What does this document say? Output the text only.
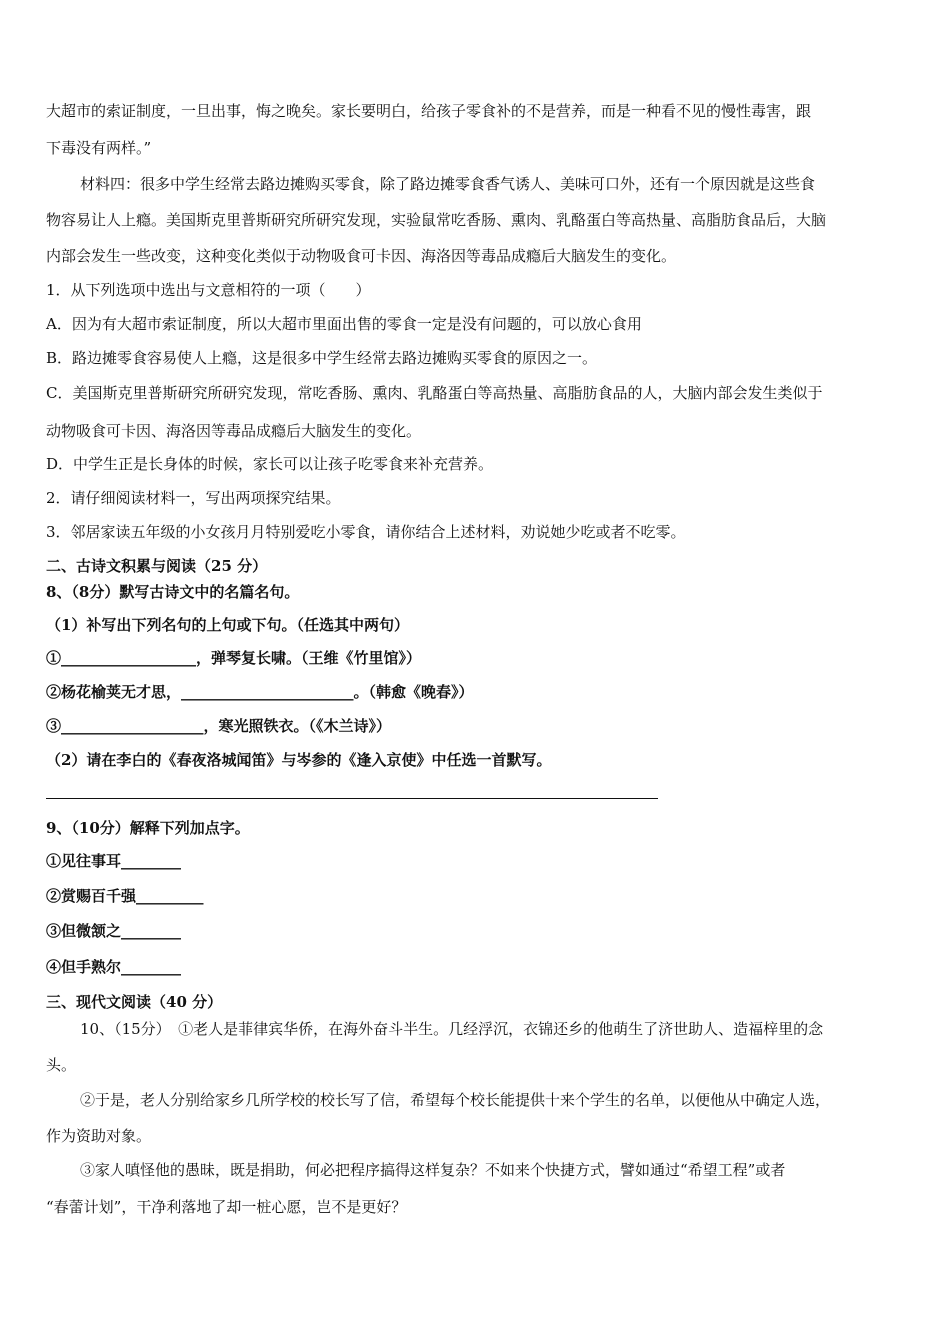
大超市的索证制度，一旦出事，悔之晚矣。家长要明白，给孩子零食补的不是营养，而是一种看不见的慢性毒害，跟
下毒没有两样。”
材料四：很多中学生经常去路边摊购买零食，除了路边摊零食香气诱人、美味可口外，还有一个原因就是这些食
物容易让人上瘾。美国斯克里普斯研究所研究发现，实验鼠常吃香肠、熏肉、乳酪蛋白等高热量、高脂肪食品后，大脑
内部会发生一些改变，这种变化类似于动物吸食可卡因、海洛因等毒品成瘾后大脑发生的变化。
1．从下列选项中选出与文意相符的一项（　　）
A．因为有大超市索证制度，所以大超市里面出售的零食一定是没有问题的，可以放心食用
B．路边摊零食容易使人上瘾，这是很多中学生经常去路边摊购买零食的原因之一。
C．美国斯克里普斯研究所研究发现，常吃香肠、熏肉、乳酪蛋白等高热量、高脂肪食品的人，大脑内部会发生类似于
动物吸食可卡因、海洛因等毒品成瘾后大脑发生的变化。
D．中学生正是长身体的时候，家长可以让孩子吃零食来补充营养。
2．请仔细阅读材料一，写出两项探究结果。
3．邻居家读五年级的小女孩月月特别爱吃小零食，请你结合上述材料，劝说她少吃或者不吃零。
二、古诗文积累与阅读（25 分）
8、（8分）默写古诗文中的名篇名句。
（1）补写出下列名句的上句或下句。（任选其中两句）
①__________________，弹琴复长啸。（王维《竹里馆》）
②杨花榆荚无才思，_______________________。（韩愈《晚春》）
③___________________，寒光照铁衣。（《木兰诗》）
（2）请在李白的《春夜洛城闻笛》与岑参的《逢入京使》中任选一首默写。
9、（10分）解释下列加点字。
①见往事耳________
②赏赐百千强_________
③但微颔之________
④但手熟尔________
三、现代文阅读（40 分）
10、（15分）　①老人是菲律宾华侨，在海外奋斗半生。几经浮沉，衣锦还乡的他萌生了济世助人、造福梓里的念
头。
②于是，老人分别给家乡几所学校的校长写了信，希望每个校长能提供十来个学生的名单，以便他从中确定人选，
作为资助对象。
③家人嗔怪他的愚昧，既是捐助，何必把程序搞得这样复杂？不如来个快捷方式，譬如通过“希望工程”或者
“春蕾计划”，干净利落地了却一桩心愿，岂不是更好？
